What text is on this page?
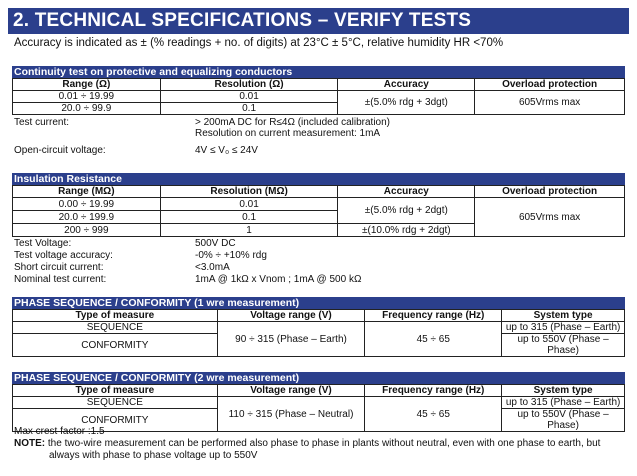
2. TECHNICAL SPECIFICATIONS – VERIFY TESTS
Accuracy is indicated as ± (% readings + no. of digits) at 23°C ± 5°C, relative humidity HR <70%
Continuity test on protective and equalizing conductors
Range (Ω)	Resolution (Ω)	Accuracy	Overload protection
0.01 ÷ 19.99	0.01	±(5.0% rdg + 3dgt)	605Vrms max
20.0 ÷ 99.9	0.1		
Test current:	> 200mA DC for R≤4Ω (included calibration)
Resolution on current measurement: 1mA
Open-circuit voltage:	4V ≤ V₀ ≤ 24V
Insulation Resistance
Range (MΩ)	Resolution (MΩ)	Accuracy	Overload protection
0.00 ÷ 19.99	0.01	±(5.0% rdg + 2dgt)	605Vrms max
20.0 ÷ 199.9	0.1		
200 ÷ 999	1	±(10.0% rdg + 2dgt)	
Test Voltage:	500V DC
Test voltage accuracy:	-0% ÷ +10% rdg
Short circuit current:	<3.0mA
Nominal test current:	1mA @ 1kΩ x Vnom ; 1mA @ 500 kΩ
PHASE SEQUENCE / CONFORMITY (1 wre measurement)
Type of measure	Voltage range (V)	Frequency range (Hz)	System type
SEQUENCE	90 ÷ 315 (Phase – Earth)	45 ÷ 65	up to 315 (Phase – Earth)
CONFORMITY			up to 550V (Phase – Phase)
PHASE SEQUENCE / CONFORMITY (2 wre measurement)
Type of measure	Voltage range (V)	Frequency range (Hz)	System type
SEQUENCE	110 ÷ 315 (Phase – Neutral)	45 ÷ 65	up to 315 (Phase – Earth)
CONFORMITY			up to 550V (Phase – Phase)
Max crest factor :1.5
NOTE: the two-wire measurement can be performed also phase to phase in plants without neutral, even with one phase to earth, but
always with phase to phase voltage up to 550V
